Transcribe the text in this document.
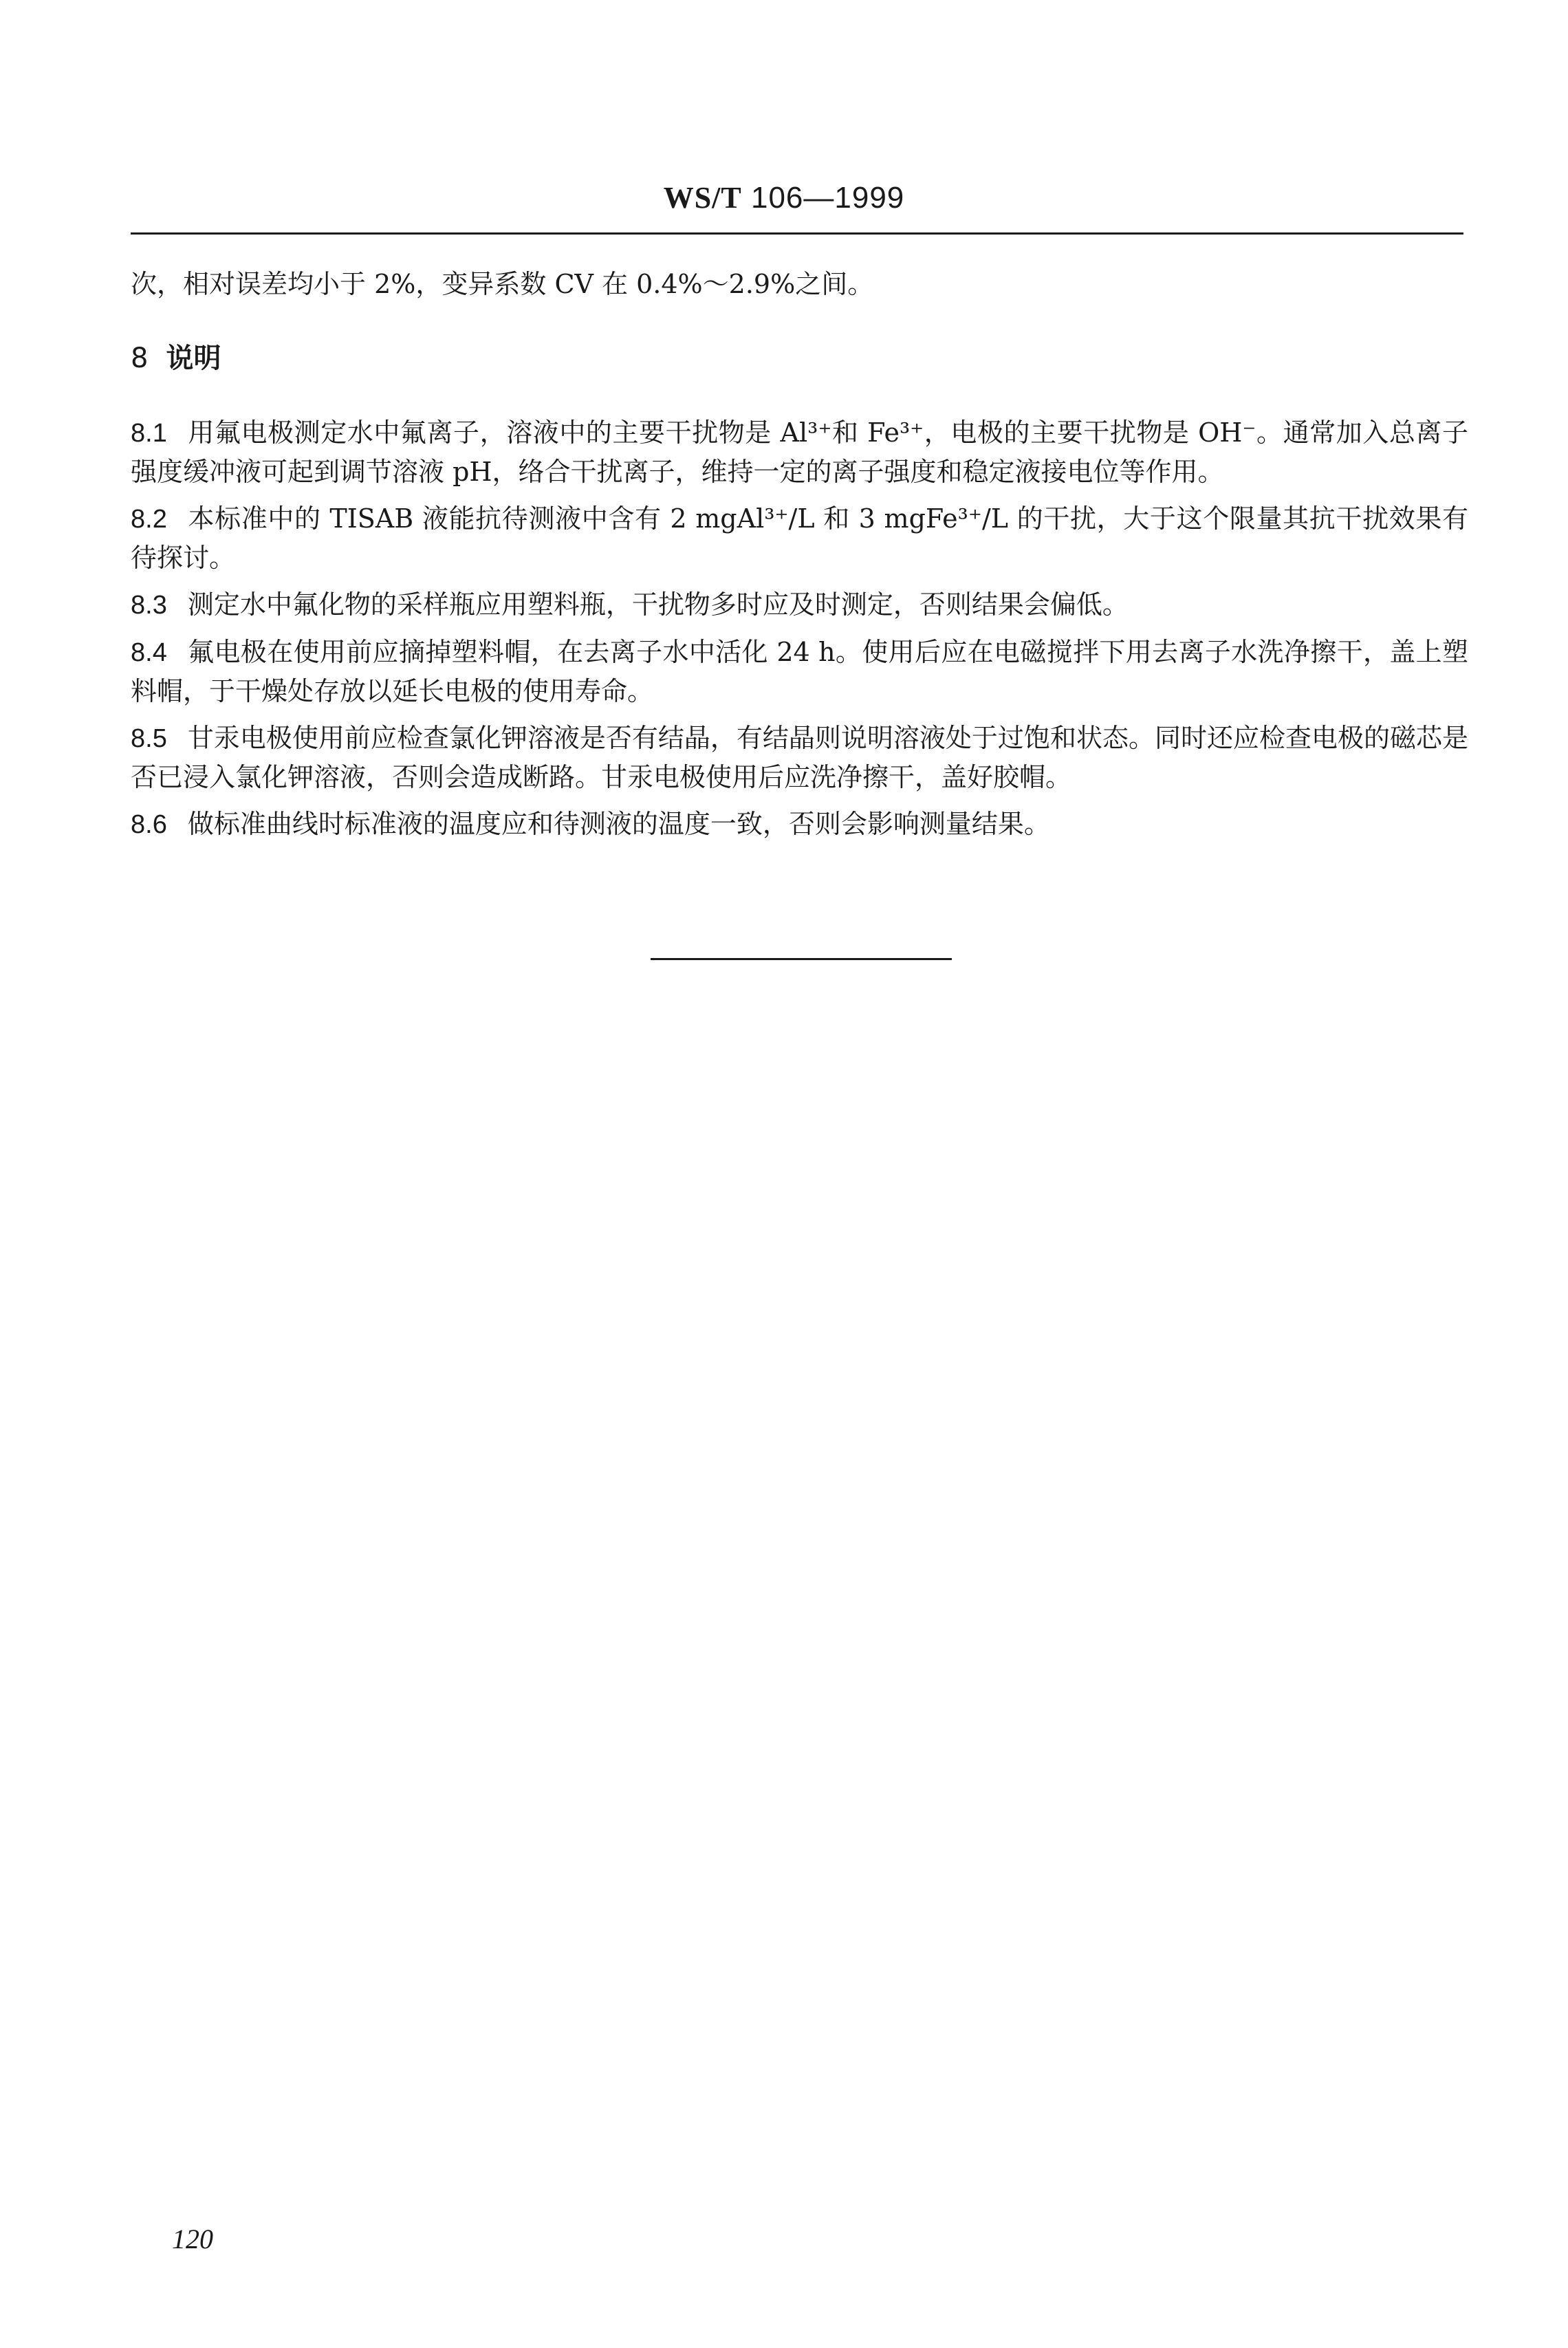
WS/T 106—1999

次，相对误差均小于 2%，变异系数 CV 在 0.4%～2.9%之间。

8 说明

8.1 用氟电极测定水中氟离子，溶液中的主要干扰物是 Al³⁺和 Fe³⁺，电极的主要干扰物是 OH⁻。通常加入总离子强度缓冲液可起到调节溶液 pH，络合干扰离子，维持一定的离子强度和稳定液接电位等作用。

8.2 本标准中的 TISAB 液能抗待测液中含有 2 mgAl³⁺/L 和 3 mgFe³⁺/L 的干扰，大于这个限量其抗干扰效果有待探讨。

8.3 测定水中氟化物的采样瓶应用塑料瓶，干扰物多时应及时测定，否则结果会偏低。

8.4 氟电极在使用前应摘掉塑料帽，在去离子水中活化 24 h。使用后应在电磁搅拌下用去离子水洗净擦干，盖上塑料帽，于干燥处存放以延长电极的使用寿命。

8.5 甘汞电极使用前应检查氯化钾溶液是否有结晶，有结晶则说明溶液处于过饱和状态。同时还应检查电极的磁芯是否已浸入氯化钾溶液，否则会造成断路。甘汞电极使用后应洗净擦干，盖好胶帽。

8.6 做标准曲线时标准液的温度应和待测液的温度一致，否则会影响测量结果。

120
